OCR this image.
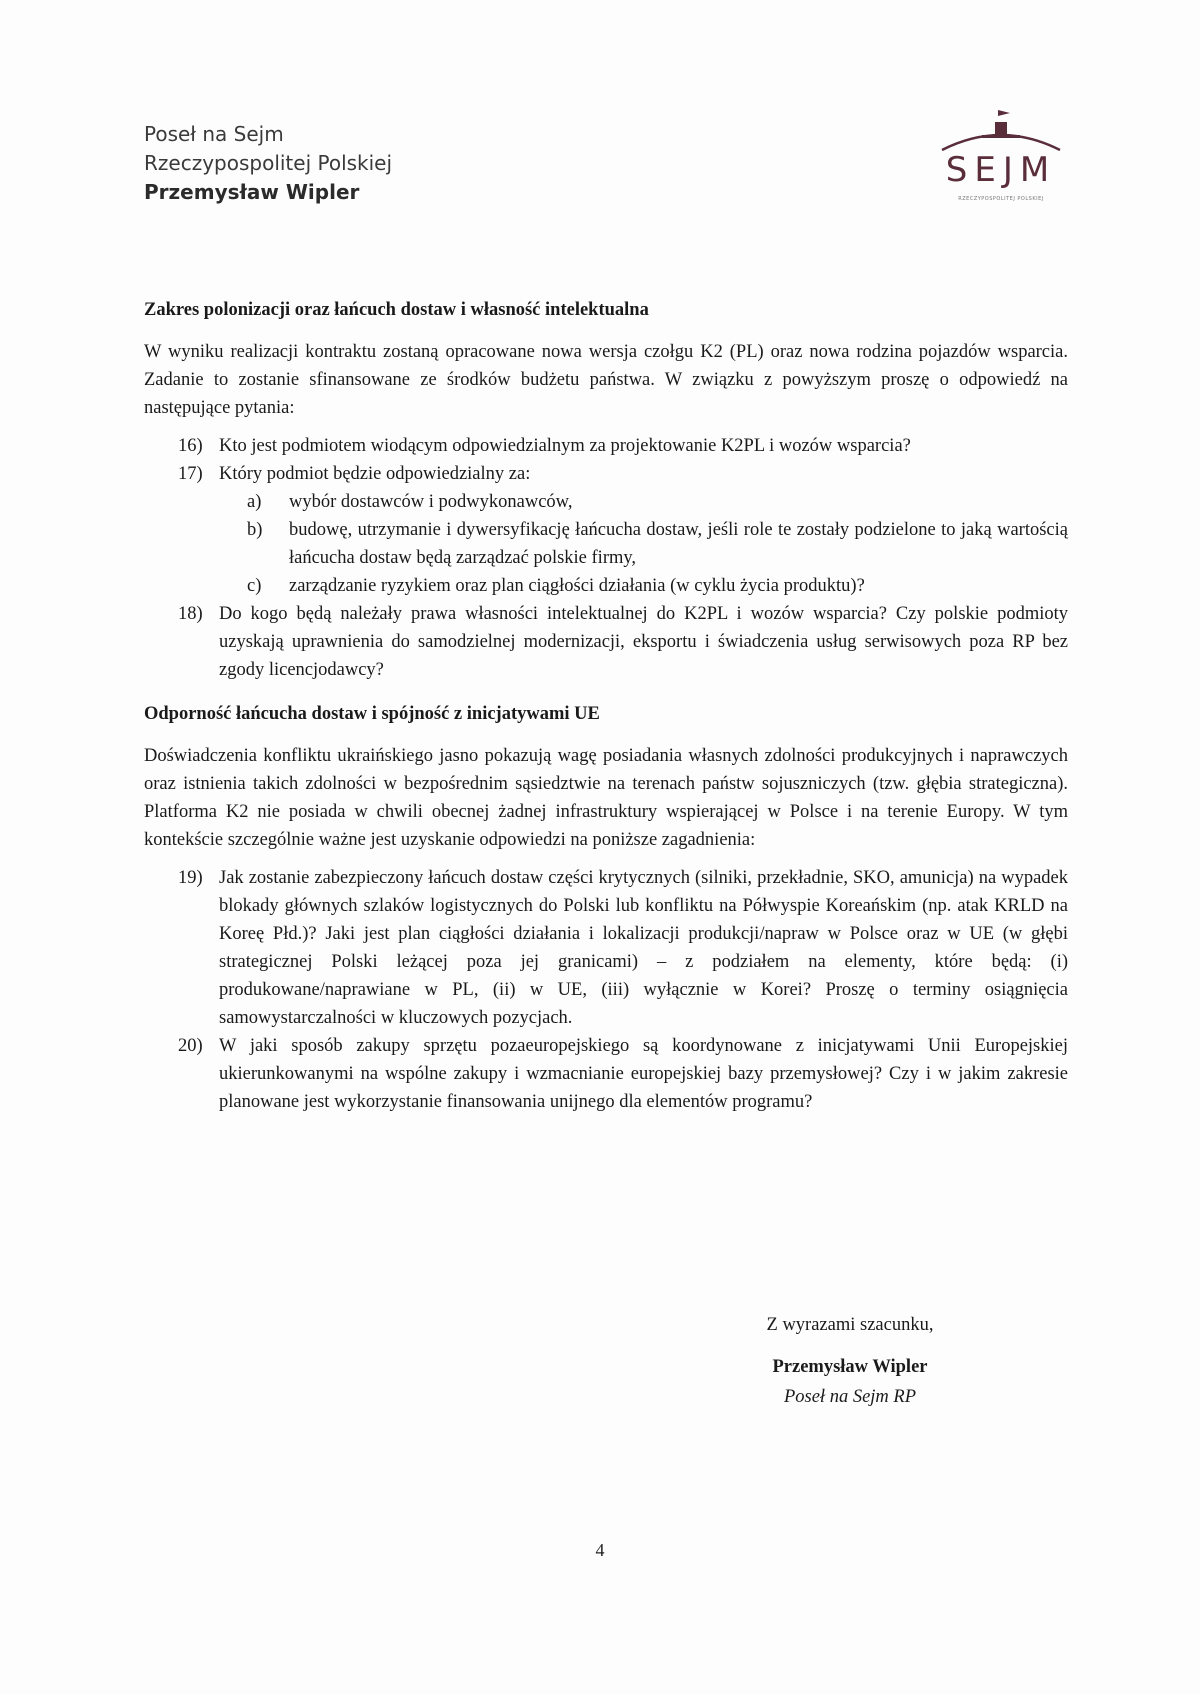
Poseł na Sejm
Rzeczypospolitej Polskiej
Przemysław Wipler
SEJM
RZECZYPOSPOLITEJ POLSKIEJ
Zakres polonizacji oraz łańcuch dostaw i własność intelektualna
W wyniku realizacji kontraktu zostaną opracowane nowa wersja czołgu K2 (PL) oraz nowa rodzina pojazdów wsparcia. Zadanie to zostanie sfinansowane ze środków budżetu państwa. W związku z powyższym proszę o odpowiedź na następujące pytania:
16) Kto jest podmiotem wiodącym odpowiedzialnym za projektowanie K2PL i wozów wsparcia?
17) Który podmiot będzie odpowiedzialny za:
a) wybór dostawców i podwykonawców,
b) budowę, utrzymanie i dywersyfikację łańcucha dostaw, jeśli role te zostały podzielone to jaką wartością łańcucha dostaw będą zarządzać polskie firmy,
c) zarządzanie ryzykiem oraz plan ciągłości działania (w cyklu życia produktu)?
18) Do kogo będą należały prawa własności intelektualnej do K2PL i wozów wsparcia? Czy polskie podmioty uzyskają uprawnienia do samodzielnej modernizacji, eksportu i świadczenia usług serwisowych poza RP bez zgody licencjodawcy?
Odporność łańcucha dostaw i spójność z inicjatywami UE
Doświadczenia konfliktu ukraińskiego jasno pokazują wagę posiadania własnych zdolności produkcyjnych i naprawczych oraz istnienia takich zdolności w bezpośrednim sąsiedztwie na terenach państw sojuszniczych (tzw. głębia strategiczna). Platforma K2 nie posiada w chwili obecnej żadnej infrastruktury wspierającej w Polsce i na terenie Europy. W tym kontekście szczególnie ważne jest uzyskanie odpowiedzi na poniższe zagadnienia:
19) Jak zostanie zabezpieczony łańcuch dostaw części krytycznych (silniki, przekładnie, SKO, amunicja) na wypadek blokady głównych szlaków logistycznych do Polski lub konfliktu na Półwyspie Koreańskim (np. atak KRLD na Koreę Płd.)? Jaki jest plan ciągłości działania i lokalizacji produkcji/napraw w Polsce oraz w UE (w głębi strategicznej Polski leżącej poza jej granicami) – z podziałem na elementy, które będą: (i) produkowane/naprawiane w PL, (ii) w UE, (iii) wyłącznie w Korei? Proszę o terminy osiągnięcia samowystarczalności w kluczowych pozycjach.
20) W jaki sposób zakupy sprzętu pozaeuropejskiego są koordynowane z inicjatywami Unii Europejskiej ukierunkowanymi na wspólne zakupy i wzmacnianie europejskiej bazy przemysłowej? Czy i w jakim zakresie planowane jest wykorzystanie finansowania unijnego dla elementów programu?
Z wyrazami szacunku,
Przemysław Wipler
Poseł na Sejm RP
4
